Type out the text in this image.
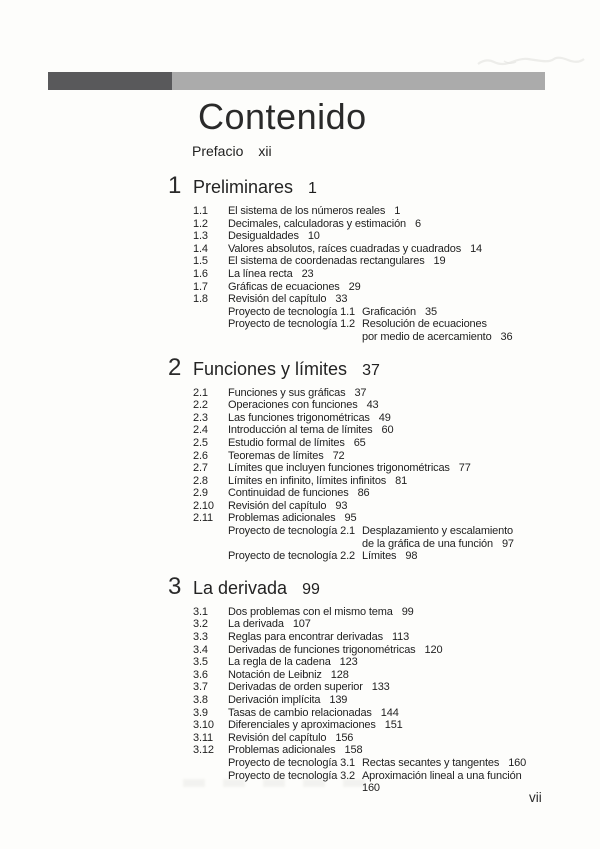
Contenido
Prefacio xii
1 Preliminares 1
1.1	El sistema de los números reales 1
1.2	Decimales, calculadoras y estimación 6
1.3	Desigualdades 10
1.4	Valores absolutos, raíces cuadradas y cuadrados 14
1.5	El sistema de coordenadas rectangulares 19
1.6	La línea recta 23
1.7	Gráficas de ecuaciones 29
1.8	Revisión del capítulo 33
Proyecto de tecnología 1.1 Graficación 35
Proyecto de tecnología 1.2 Resolución de ecuaciones
por medio de acercamiento 36
2 Funciones y límites 37
2.1	Funciones y sus gráficas 37
2.2	Operaciones con funciones 43
2.3	Las funciones trigonométricas 49
2.4	Introducción al tema de límites 60
2.5	Estudio formal de límites 65
2.6	Teoremas de límites 72
2.7	Límites que incluyen funciones trigonométricas 77
2.8	Límites en infinito, límites infinitos 81
2.9	Continuidad de funciones 86
2.10	Revisión del capítulo 93
2.11	Problemas adicionales 95
Proyecto de tecnología 2.1 Desplazamiento y escalamiento
de la gráfica de una función 97
Proyecto de tecnología 2.2 Límites 98
3 La derivada 99
3.1	Dos problemas con el mismo tema 99
3.2	La derivada 107
3.3	Reglas para encontrar derivadas 113
3.4	Derivadas de funciones trigonométricas 120
3.5	La regla de la cadena 123
3.6	Notación de Leibniz 128
3.7	Derivadas de orden superior 133
3.8	Derivación implícita 139
3.9	Tasas de cambio relacionadas 144
3.10	Diferenciales y aproximaciones 151
3.11	Revisión del capítulo 156
3.12	Problemas adicionales 158
Proyecto de tecnología 3.1 Rectas secantes y tangentes 160
Proyecto de tecnología 3.2 Aproximación lineal a una función
160
vii
